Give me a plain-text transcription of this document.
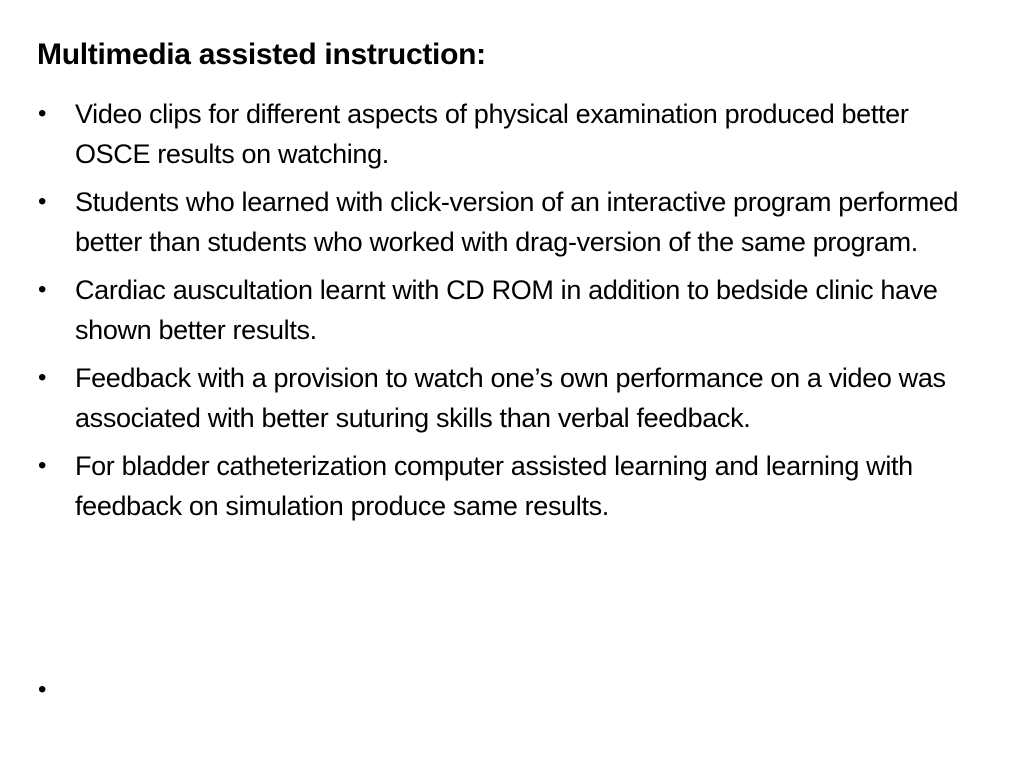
Multimedia assisted instruction:
• Video clips for different aspects of physical examination produced better OSCE results on watching.
• Students who learned with click-version of an interactive program performed better than students who worked with drag-version of the same program.
• Cardiac auscultation learnt with CD ROM in addition to bedside clinic have shown better results.
• Feedback with a provision to watch one’s own performance on a video was associated with better suturing skills than verbal feedback.
• For bladder catheterization computer assisted learning and learning with feedback on simulation produce same results.
•
